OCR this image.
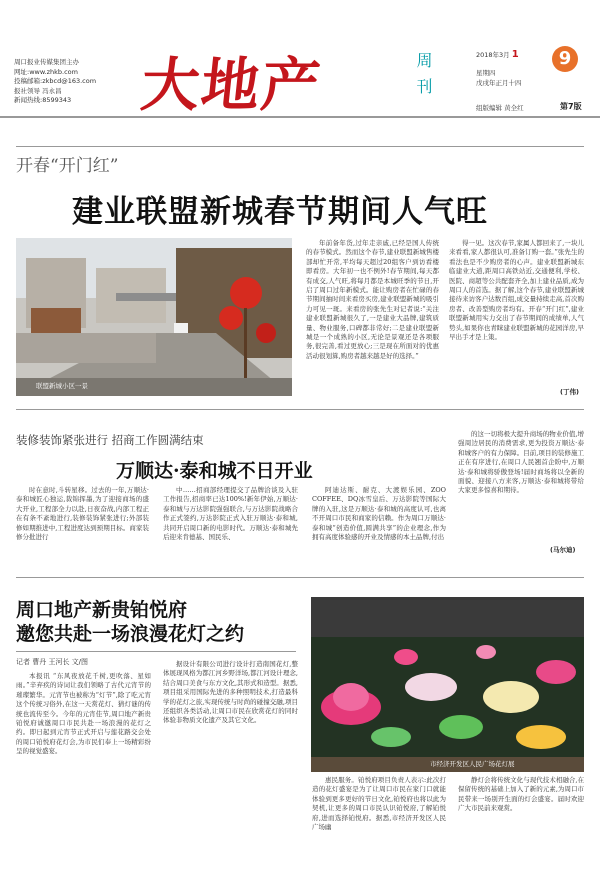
周口报业传媒集团主办
网址:www.zhkb.com
投稿邮箱:zkbcd@163.com
报社领导 冯永昌
新闻热线:8599343	大地产	周刊	2018年3月 1
星期四
戊戌年正月十四
9
组版编辑 黄全红	第7版
开春“开门红”
建业联盟新城春节期间人气旺
联盟新城小区一景
年前备年货,过年走亲戚,已经是国人传统的春节模式。然而这个春节,建业联盟新城售楼部却忙开常,平均每天超过20组客户到访看楼即看房。大年初一也不例外!春节期间,每天都有成交,人气旺,将每月都是本城旺季的节日,开启了周口过年新模式。能让购房者在忙碌的春节期间抽时间来看房买房,建业联盟新城的吸引力可见一斑。来看房的张先生对记者说:“关注建业联盟新城很久了,一是建业大品牌,建筑质量、物业服务,口碑都非常好;二是建业联盟新城是一个成熟的小区,无论是景观还是各项服务,很完善,看过更放心;三是现在所面对的优惠活动很划算,购房者越来越是好的选择。”
得一见。这次春节,家属人都回来了,一块儿来看看,家人都很认可,准备订购一套。”张先生的看法也是不少购房者的心声。建业联盟新城东临建业大道,距周口高铁站近,交通便利,学校、医院、商超等公共配套齐全,加上建业品质,成为周口人的首选。据了解,这个春节,建业联盟新城接待来访客户达数百组,成交量持续走高,首次购房者、改善型购房者均有。开春“开门红”,建业联盟新城用实力交出了春节期间的成绩单,人气势头,如果你也青睐建业联盟新城的花园洋房,早早出手才是上策。
(丁伟)
装修装饰紧张进行 招商工作圆满结束
万顺达·泰和城不日开业
时在意时,斗转星移。过去的一年,万顺达·泰和城匠心独运,裁锦挥墨,为了迎接商场的盛大开业,工程部全力以赴,日夜奋战,内部工程正在有条不紊地进行,装修装饰紧张进行;外部装修如期推进中,工程进度达到预期目标。商家装修分批进行
中……招商部经理提交了品牌洽谈及入驻工作报告,招商率已达100%!新年伊始,万顺达·泰和城与万达影院强强联合,与万达影院战略合作正式签约,万达影院正式入驻万顺达·泰和城,共同开启周口新的电影时代。万顺达·泰和城先后迎来肯德基、国民乐、
阿迪达斯、耐克、大渡娱乐园、ZOO COFFEE、DQ冰雪皇后、万达影院等国际大牌的入驻,这是万顺达·泰和城的高度认可,也离不开周口市民和商家的信赖。作为周口万顺达·泰和城“创造价值,圆满共享”的企业理念,作为拥有高度体验感的开业及情感的本土品牌,付出
的这一切将极大提升商场的物业价值,增强周边居民的消费需求,更为投资万顺达·泰和城客户的有力保障。目前,项目的装修施工正在有序进行,在周口人民翘首企盼中,万顺达·泰和城将骄傲登场!届时商场将以全新的面貌、迎接八方来客,万顺达·泰和城将带给大家更多惊喜和期待。
(马尔迪)
周口地产新贵铂悦府
邀您共赴一场浪漫花灯之约
记者 曹丹 王河长 文/图
本报讯 “东风夜放花千树,更吹落、星如雨。”辛弃疾的诗词让我们领略了古代元宵节的璀璨繁华。元宵节也被称为“灯节”,除了吃元宵这个传统习俗外,在这一天赏花灯、猜灯谜的传统也流传至今。今年的元宵佳节,周口地产新贵铂悦府诚邀周口市民共赴一场浪漫的花灯之约。即日起到元宵节正式开启与莲花路交会处的周口铂悦府花灯会,为市民们奉上一场精彩纷呈的视觉盛宴。
据设计有限公司进行设计打造南国花灯,整体展现风格为都江河乡野洋场,都江河设计理念,结合周口美食与东方文化,其形式和造型。据悉,项目组采用国际先进的多种照明技术,打造最科学的花灯之旅,实现传统与时尚的碰撞交融,项目还组织各类活动,让周口市民在欣赏花灯的同时体验非物质文化遗产及其它文化。
市经济开发区人民广场花灯展
惠民服务。铂悦府项目负责人表示:此次打造的花灯盛宴是为了让周口市民在家门口就能体验到更多更好的节日文化,铂悦府也将以此为契机,让更多的周口市民认识铂悦府,了解铂悦府,进而选择铂悦府。据悉,市经济开发区人民广场幽
静灯会将传统文化与现代技术相融合,在保留传统的基础上加入了新的元素,为周口市民带来一场别开生面的灯会盛宴。届时欢迎广大市民前来观赏。
